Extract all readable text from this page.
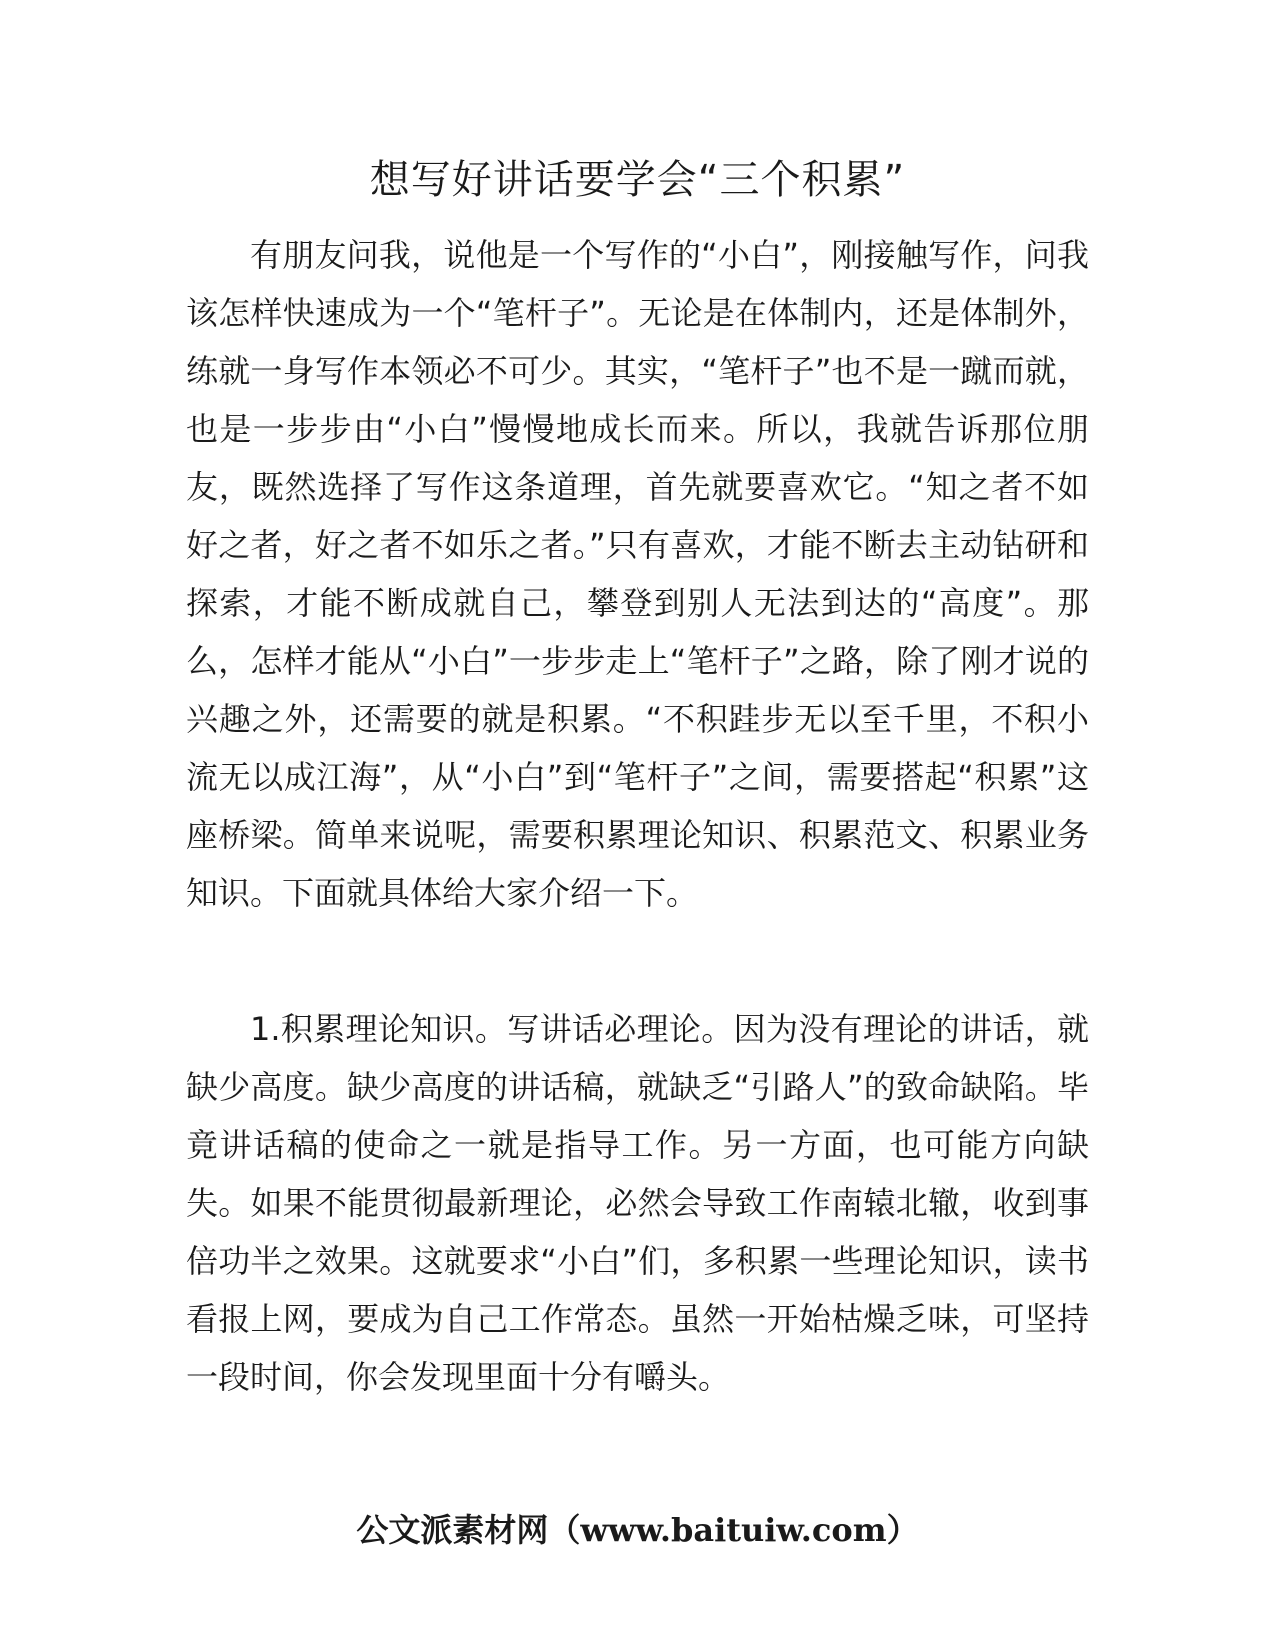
想写好讲话要学会“三个积累”

有朋友问我，说他是一个写作的“小白”，刚接触写作，问我该怎样快速成为一个“笔杆子”。无论是在体制内，还是体制外，练就一身写作本领必不可少。其实，“笔杆子”也不是一蹴而就，也是一步步由“小白”慢慢地成长而来。所以，我就告诉那位朋友，既然选择了写作这条道理，首先就要喜欢它。“知之者不如好之者，好之者不如乐之者。”只有喜欢，才能不断去主动钻研和探索，才能不断成就自己，攀登到别人无法到达的“高度”。那么，怎样才能从“小白”一步步走上“笔杆子”之路，除了刚才说的兴趣之外，还需要的就是积累。“不积跬步无以至千里，不积小流无以成江海”，从“小白”到“笔杆子”之间，需要搭起“积累”这座桥梁。简单来说呢，需要积累理论知识、积累范文、积累业务知识。下面就具体给大家介绍一下。

1.积累理论知识。写讲话必理论。因为没有理论的讲话，就缺少高度。缺少高度的讲话稿，就缺乏“引路人”的致命缺陷。毕竟讲话稿的使命之一就是指导工作。另一方面，也可能方向缺失。如果不能贯彻最新理论，必然会导致工作南辕北辙，收到事倍功半之效果。这就要求“小白”们，多积累一些理论知识，读书看报上网，要成为自己工作常态。虽然一开始枯燥乏味，可坚持一段时间，你会发现里面十分有嚼头。

公文派素材网（www.baituiw.com）
